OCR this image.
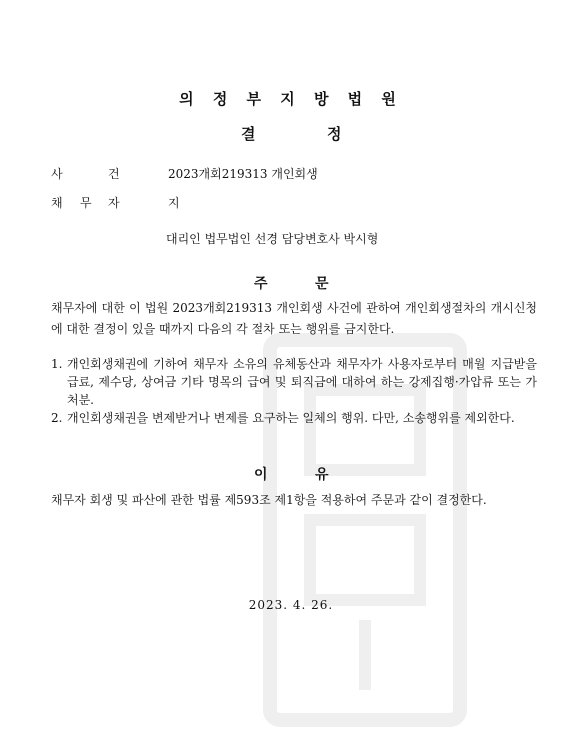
의 정 부 지 방 법 원
결	정
사	건	2023개회219313 개인회생
채 무 자	지
대리인 법무법인 선경 담당변호사 박시형
주	문
채무자에 대한 이 법원 2023개회219313 개인회생 사건에 관하여 개인회생절차의 개시신청에 대한 결정이 있을 때까지 다음의 각 절차 또는 행위를 금지한다.
1. 개인회생채권에 기하여 채무자 소유의 유체동산과 채무자가 사용자로부터 매월 지급받을 급료, 제수당, 상여금 기타 명목의 급여 및 퇴직금에 대하여 하는 강제집행·가압류 또는 가처분.
2. 개인회생채권을 변제받거나 변제를 요구하는 일체의 행위. 다만, 소송행위를 제외한다.
이	유
채무자 회생 및 파산에 관한 법률 제593조 제1항을 적용하여 주문과 같이 결정한다.
2023. 4. 26.
